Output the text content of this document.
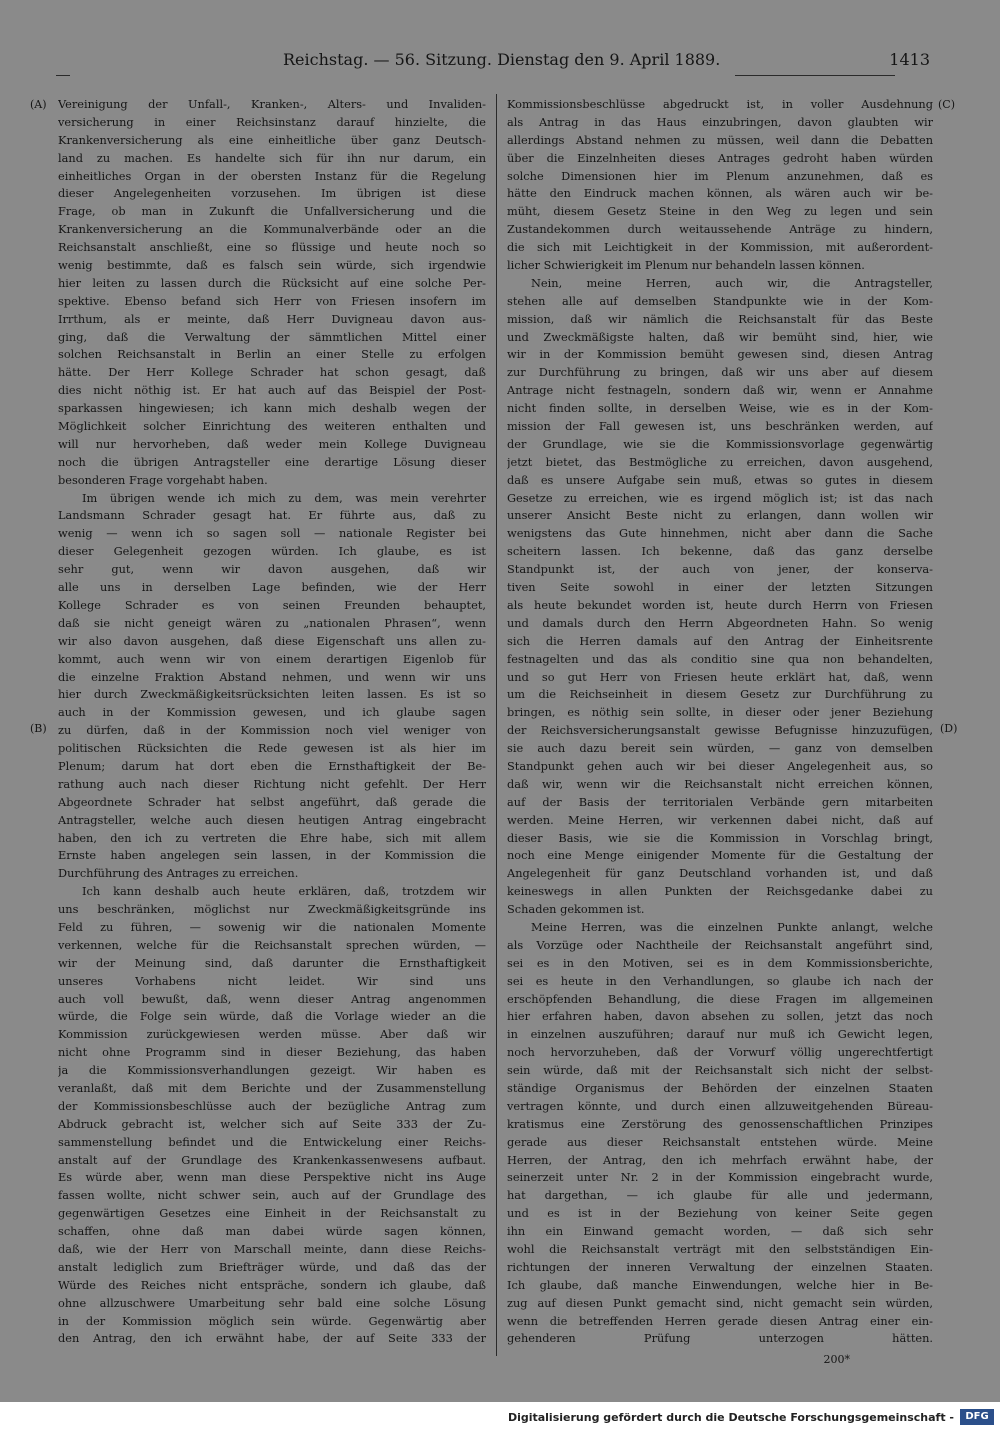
Reichstag. — 56. Sitzung. Dienstag den 9. April 1889.	1413
(A)
(B)
(C)
(D)
Vereinigung der Unfall-, Kranken-, Alters- und Invaliden-
versicherung in einer Reichsinstanz darauf hinzielte, die
Krankenversicherung als eine einheitliche über ganz Deutsch-
land zu machen. Es handelte sich für ihn nur darum, ein
einheitliches Organ in der obersten Instanz für die Regelung
dieser Angelegenheiten vorzusehen. Im übrigen ist diese
Frage, ob man in Zukunft die Unfallversicherung und die
Krankenversicherung an die Kommunalverbände oder an die
Reichsanstalt anschließt, eine so flüssige und heute noch so
wenig bestimmte, daß es falsch sein würde, sich irgendwie
hier leiten zu lassen durch die Rücksicht auf eine solche Per-
spektive. Ebenso befand sich Herr von Friesen insofern im
Irrthum, als er meinte, daß Herr Duvigneau davon aus-
ging, daß die Verwaltung der sämmtlichen Mittel einer
solchen Reichsanstalt in Berlin an einer Stelle zu erfolgen
hätte. Der Herr Kollege Schrader hat schon gesagt, daß
dies nicht nöthig ist. Er hat auch auf das Beispiel der Post-
sparkassen hingewiesen; ich kann mich deshalb wegen der
Möglichkeit solcher Einrichtung des weiteren enthalten und
will nur hervorheben, daß weder mein Kollege Duvigneau
noch die übrigen Antragsteller eine derartige Lösung dieser
besonderen Frage vorgehabt haben.
Im übrigen wende ich mich zu dem, was mein verehrter
Landsmann Schrader gesagt hat. Er führte aus, daß zu
wenig — wenn ich so sagen soll — nationale Register bei
dieser Gelegenheit gezogen würden. Ich glaube, es ist
sehr gut, wenn wir davon ausgehen, daß wir
alle uns in derselben Lage befinden, wie der Herr
Kollege Schrader es von seinen Freunden behauptet,
daß sie nicht geneigt wären zu „nationalen Phrasen“, wenn
wir also davon ausgehen, daß diese Eigenschaft uns allen zu-
kommt, auch wenn wir von einem derartigen Eigenlob für
die einzelne Fraktion Abstand nehmen, und wenn wir uns
hier durch Zweckmäßigkeitsrücksichten leiten lassen. Es ist so
auch in der Kommission gewesen, und ich glaube sagen
zu dürfen, daß in der Kommission noch viel weniger von
politischen Rücksichten die Rede gewesen ist als hier im
Plenum; darum hat dort eben die Ernsthaftigkeit der Be-
rathung auch nach dieser Richtung nicht gefehlt. Der Herr
Abgeordnete Schrader hat selbst angeführt, daß gerade die
Antragsteller, welche auch diesen heutigen Antrag eingebracht
haben, den ich zu vertreten die Ehre habe, sich mit allem
Ernste haben angelegen sein lassen, in der Kommission die
Durchführung des Antrages zu erreichen.
Ich kann deshalb auch heute erklären, daß, trotzdem wir
uns beschränken, möglichst nur Zweckmäßigkeitsgründe ins
Feld zu führen, — sowenig wir die nationalen Momente
verkennen, welche für die Reichsanstalt sprechen würden, —
wir der Meinung sind, daß darunter die Ernsthaftigkeit
unseres Vorhabens nicht leidet. Wir sind uns
auch voll bewußt, daß, wenn dieser Antrag angenommen
würde, die Folge sein würde, daß die Vorlage wieder an die
Kommission zurückgewiesen werden müsse. Aber daß wir
nicht ohne Programm sind in dieser Beziehung, das haben
ja die Kommissionsverhandlungen gezeigt. Wir haben es
veranlaßt, daß mit dem Berichte und der Zusammenstellung
der Kommissionsbeschlüsse auch der bezügliche Antrag zum
Abdruck gebracht ist, welcher sich auf Seite 333 der Zu-
sammenstellung befindet und die Entwickelung einer Reichs-
anstalt auf der Grundlage des Krankenkassenwesens aufbaut.
Es würde aber, wenn man diese Perspektive nicht ins Auge
fassen wollte, nicht schwer sein, auch auf der Grundlage des
gegenwärtigen Gesetzes eine Einheit in der Reichsanstalt zu
schaffen, ohne daß man dabei würde sagen können,
daß, wie der Herr von Marschall meinte, dann diese Reichs-
anstalt lediglich zum Briefträger würde, und daß das der
Würde des Reiches nicht entspräche, sondern ich glaube, daß
ohne allzuschwere Umarbeitung sehr bald eine solche Lösung
in der Kommission möglich sein würde. Gegenwärtig aber
den Antrag, den ich erwähnt habe, der auf Seite 333 der
Kommissionsbeschlüsse abgedruckt ist, in voller Ausdehnung
als Antrag in das Haus einzubringen, davon glaubten wir
allerdings Abstand nehmen zu müssen, weil dann die Debatten
über die Einzelnheiten dieses Antrages gedroht haben würden
solche Dimensionen hier im Plenum anzunehmen, daß es
hätte den Eindruck machen können, als wären auch wir be-
müht, diesem Gesetz Steine in den Weg zu legen und sein
Zustandekommen durch weitaussehende Anträge zu hindern,
die sich mit Leichtigkeit in der Kommission, mit außerordent-
licher Schwierigkeit im Plenum nur behandeln lassen können.
Nein, meine Herren, auch wir, die Antragsteller,
stehen alle auf demselben Standpunkte wie in der Kom-
mission, daß wir nämlich die Reichsanstalt für das Beste
und Zweckmäßigste halten, daß wir bemüht sind, hier, wie
wir in der Kommission bemüht gewesen sind, diesen Antrag
zur Durchführung zu bringen, daß wir uns aber auf diesem
Antrage nicht festnageln, sondern daß wir, wenn er Annahme
nicht finden sollte, in derselben Weise, wie es in der Kom-
mission der Fall gewesen ist, uns beschränken werden, auf
der Grundlage, wie sie die Kommissionsvorlage gegenwärtig
jetzt bietet, das Bestmögliche zu erreichen, davon ausgehend,
daß es unsere Aufgabe sein muß, etwas so gutes in diesem
Gesetze zu erreichen, wie es irgend möglich ist; ist das nach
unserer Ansicht Beste nicht zu erlangen, dann wollen wir
wenigstens das Gute hinnehmen, nicht aber dann die Sache
scheitern lassen. Ich bekenne, daß das ganz derselbe
Standpunkt ist, der auch von jener, der konserva-
tiven Seite sowohl in einer der letzten Sitzungen
als heute bekundet worden ist, heute durch Herrn von Friesen
und damals durch den Herrn Abgeordneten Hahn. So wenig
sich die Herren damals auf den Antrag der Einheitsrente
festnagelten und das als conditio sine qua non behandelten,
und so gut Herr von Friesen heute erklärt hat, daß, wenn
um die Reichseinheit in diesem Gesetz zur Durchführung zu
bringen, es nöthig sein sollte, in dieser oder jener Beziehung
der Reichsversicherungsanstalt gewisse Befugnisse hinzuzufügen,
sie auch dazu bereit sein würden, — ganz von demselben
Standpunkt gehen auch wir bei dieser Angelegenheit aus, so
daß wir, wenn wir die Reichsanstalt nicht erreichen können,
auf der Basis der territorialen Verbände gern mitarbeiten
werden. Meine Herren, wir verkennen dabei nicht, daß auf
dieser Basis, wie sie die Kommission in Vorschlag bringt,
noch eine Menge einigender Momente für die Gestaltung der
Angelegenheit für ganz Deutschland vorhanden ist, und daß
keineswegs in allen Punkten der Reichsgedanke dabei zu
Schaden gekommen ist.
Meine Herren, was die einzelnen Punkte anlangt, welche
als Vorzüge oder Nachtheile der Reichsanstalt angeführt sind,
sei es in den Motiven, sei es in dem Kommissionsberichte,
sei es heute in den Verhandlungen, so glaube ich nach der
erschöpfenden Behandlung, die diese Fragen im allgemeinen
hier erfahren haben, davon absehen zu sollen, jetzt das noch
in einzelnen auszuführen; darauf nur muß ich Gewicht legen,
noch hervorzuheben, daß der Vorwurf völlig ungerechtfertigt
sein würde, daß mit der Reichsanstalt sich nicht der selbst-
ständige Organismus der Behörden der einzelnen Staaten
vertragen könnte, und durch einen allzuweitgehenden Büreau-
kratismus eine Zerstörung des genossenschaftlichen Prinzipes
gerade aus dieser Reichsanstalt entstehen würde. Meine
Herren, der Antrag, den ich mehrfach erwähnt habe, der
seinerzeit unter Nr. 2 in der Kommission eingebracht wurde,
hat dargethan, — ich glaube für alle und jedermann,
und es ist in der Beziehung von keiner Seite gegen
ihn ein Einwand gemacht worden, — daß sich sehr
wohl die Reichsanstalt verträgt mit den selbstständigen Ein-
richtungen der inneren Verwaltung der einzelnen Staaten.
Ich glaube, daß manche Einwendungen, welche hier in Be-
zug auf diesen Punkt gemacht sind, nicht gemacht sein würden,
wenn die betreffenden Herren gerade diesen Antrag einer ein-
gehenderen Prüfung unterzogen hätten.
200*
Digitalisierung gefördert durch die Deutsche Forschungsgemeinschaft -	DFG
